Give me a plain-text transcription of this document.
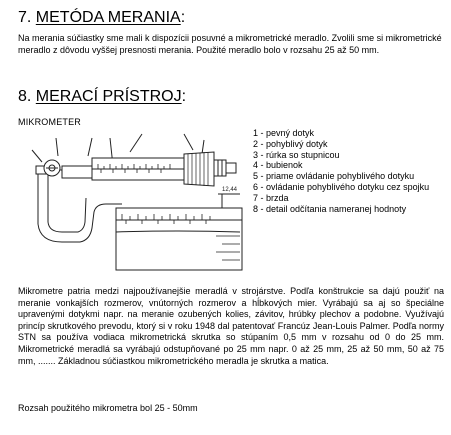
7. METÓDA MERANIA:

Na merania súčiastky sme mali k dispozícii posuvné a mikrometrické meradlo. Zvolili sme si mikrometrické meradlo z dôvodu vyššej presnosti merania. Použité meradlo bolo v rozsahu 25 až 50 mm.

8. MERACÍ PRÍSTROJ:

MIKROMETER

12,44
1 - pevný dotyk
2 - pohyblivý dotyk
3 - rúrka so stupnicou
4 - bubienok
5 - priame ovládanie pohyblivého dotyku
6 - ovládanie pohyblivého dotyku cez spojku
7 - brzda
8 - detail odčítania nameranej hodnoty

Mikrometre patria medzi najpoužívanejšie meradlá v strojárstve. Podľa konštrukcie sa dajú použiť na meranie vonkajších rozmerov, vnútorných rozmerov a hĺbkových mier. Vyrábajú sa aj so špeciálne upravenými dotykmi napr. na meranie ozubených kolies, závitov, hrúbky plechov a podobne. Využívajú princíp skrutkového prevodu, ktorý si v roku 1948 dal patentovať Francúz Jean-Louis Palmer. Podľa normy STN sa používa vodiaca mikrometrická skrutka so stúpaním 0,5 mm v rozsahu od 0 do 25 mm. Mikrometrické meradlá sa vyrábajú odstupňované po 25 mm napr. 0 až 25 mm, 25 až 50 mm, 50 až 75 mm, ....... Základnou súčiastkou mikrometrického meradla je skrutka a matica.

Rozsah použitého mikrometra bol 25 - 50mm
